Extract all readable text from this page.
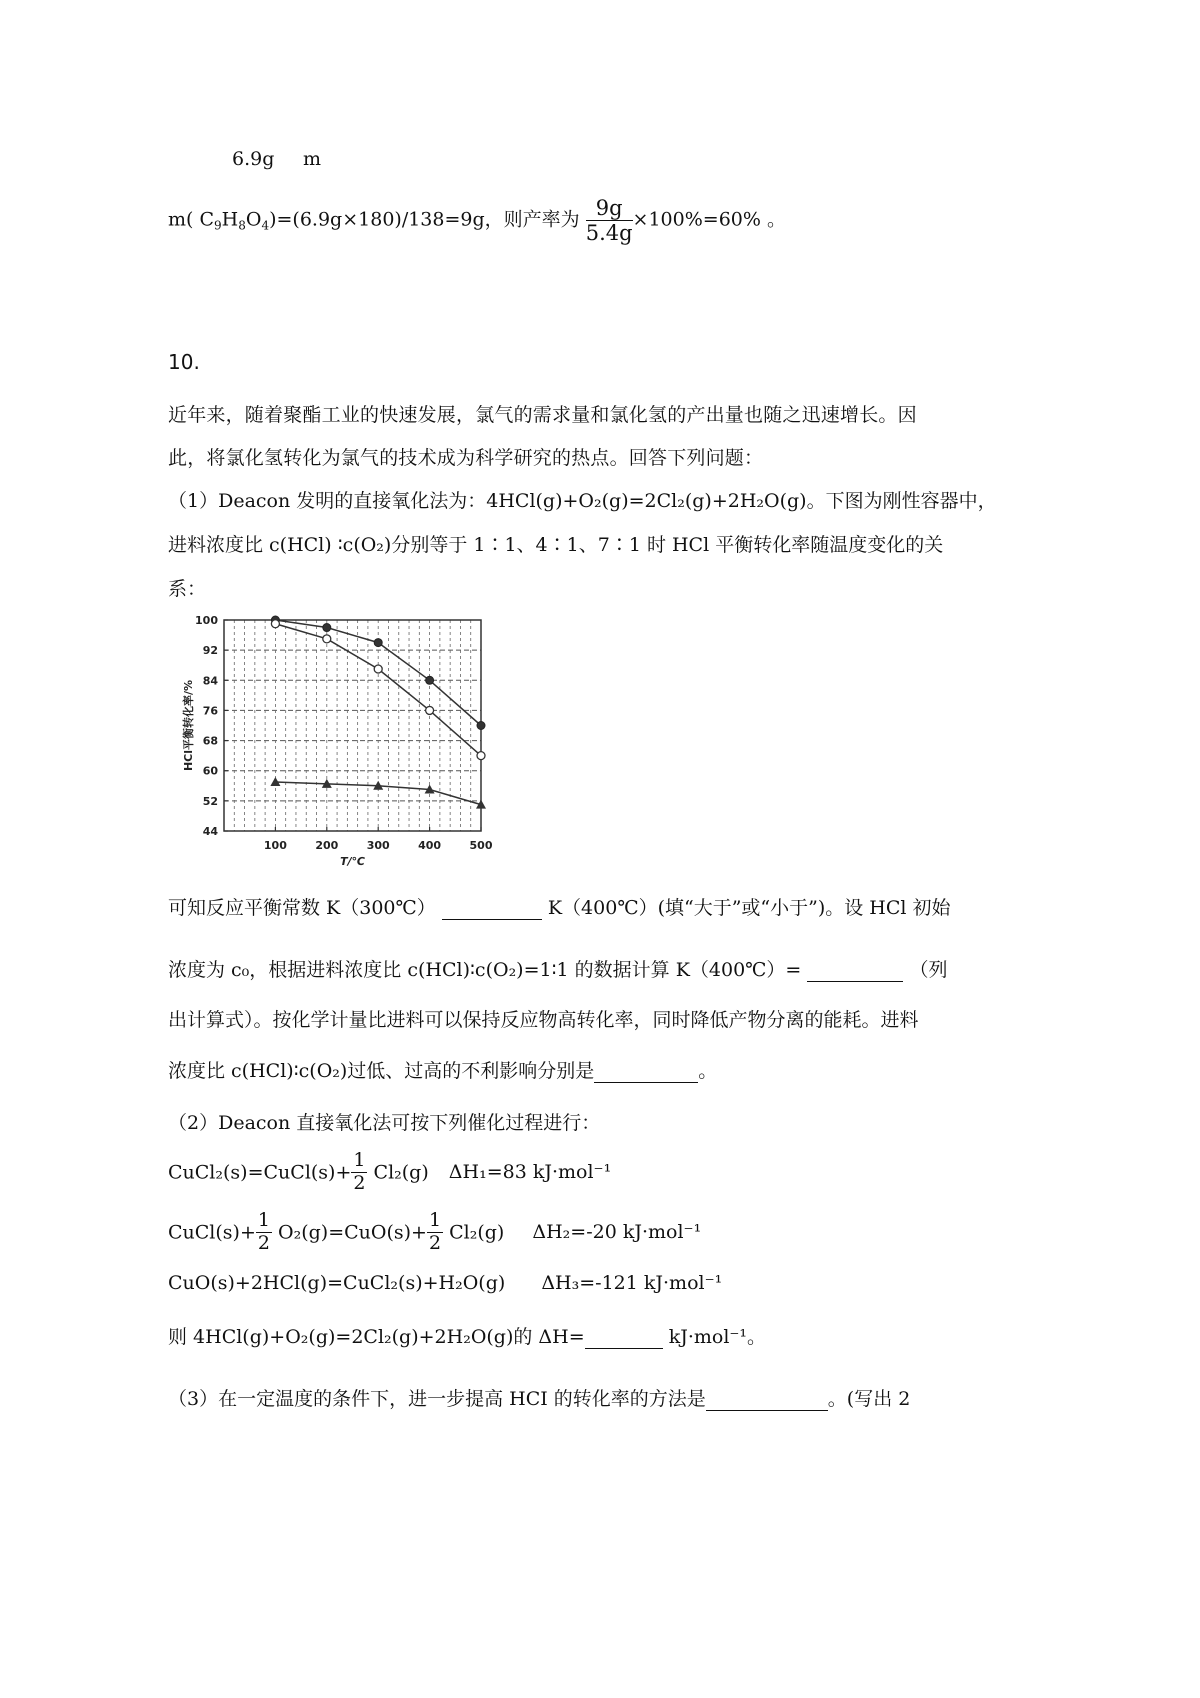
6.9g m
m( $C_9H_8O_4)=(6.9g\times 180)/138=9g$，则产率为 $\frac{9g}{5.4g} \times 100\%=60\%$ 。
10.
近年来，随着聚酯工业的快速发展，氯气的需求量和氯化氢的产出量也随之迅速增长。因
此，将氯化氢转化为氯气的技术成为科学研究的热点。回答下列问题：
（1）Deacon 发明的直接氧化法为：4HCl(g)+O₂(g)=2Cl₂(g)+2H₂O(g)。下图为刚性容器中，
进料浓度比 c(HCl) ∶c(O₂)分别等于 1∶1、4∶1、7∶1 时 HCl 平衡转化率随温度变化的关
系：
44
52
60
68
76
84
92
100
100	200	300	400	500
T/℃
HCl平衡转化率/%
可知反应平衡常数 K（300℃）	K（400℃）(填“大于”或“小于”)。设 HCl 初始
浓度为 c₀，根据进料浓度比 c(HCl)∶c(O₂)=1∶1 的数据计算 K（400℃）=	（列
出计算式）。按化学计量比进料可以保持反应物高转化率，同时降低产物分离的能耗。进料
浓度比 c(HCl)∶c(O₂)过低、过高的不利影响分别是	。
（2）Deacon 直接氧化法可按下列催化过程进行：
CuCl₂(s)=CuCl(s)+ $\frac{1}{2} Cl_2(g)$ ΔH₁=83 kJ·mol⁻¹
CuCl(s)+ $\frac{1}{2} O_2(g)=CuO(s)+ \frac{1}{2} Cl_2(g)$ ΔH₂=-20 kJ·mol⁻¹
CuO(s)+2HCl(g)=CuCl₂(s)+H₂O(g) ΔH₃=-121 kJ·mol⁻¹
则 4HCl(g)+O₂(g)=2Cl₂(g)+2H₂O(g)的 ΔH=	kJ·mol⁻¹。
（3）在一定温度的条件下，进一步提高 HCI 的转化率的方法是	。(写出 2
